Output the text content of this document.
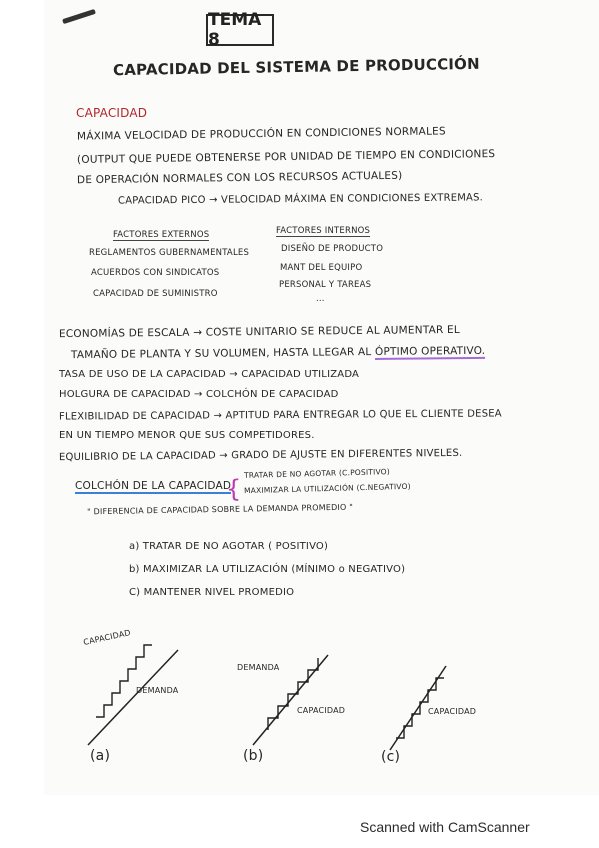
TEMA 8
CAPACIDAD DEL SISTEMA DE PRODUCCIÓN
CAPACIDAD
MÁXIMA VELOCIDAD DE PRODUCCIÓN EN CONDICIONES NORMALES
(OUTPUT QUE PUEDE OBTENERSE POR UNIDAD DE TIEMPO EN CONDICIONES
DE OPERACIÓN NORMALES CON LOS RECURSOS ACTUALES)
CAPACIDAD PICO → VELOCIDAD MÁXIMA EN CONDICIONES EXTREMAS.
FACTORES EXTERNOS
REGLAMENTOS GUBERNAMENTALES
ACUERDOS CON SINDICATOS
CAPACIDAD DE SUMINISTRO
FACTORES INTERNOS
DISEÑO DE PRODUCTO
MANT DEL EQUIPO
PERSONAL Y TAREAS
...
ECONOMÍAS DE ESCALA → COSTE UNITARIO SE REDUCE AL AUMENTAR EL
TAMAÑO DE PLANTA Y SU VOLUMEN, HASTA LLEGAR AL ÓPTIMO OPERATIVO.
TASA DE USO DE LA CAPACIDAD → CAPACIDAD UTILIZADA
HOLGURA DE CAPACIDAD → COLCHÓN DE CAPACIDAD
FLEXIBILIDAD DE CAPACIDAD → APTITUD PARA ENTREGAR LO QUE EL CLIENTE DESEA
EN UN TIEMPO MENOR QUE SUS COMPETIDORES.
EQUILIBRIO DE LA CAPACIDAD → GRADO DE AJUSTE EN DIFERENTES NIVELES.
COLCHÓN DE LA CAPACIDAD
{
TRATAR DE NO AGOTAR (C.POSITIVO)
MAXIMIZAR LA UTILIZACIÓN (C.NEGATIVO)
" DIFERENCIA DE CAPACIDAD SOBRE LA DEMANDA PROMEDIO "
a) TRATAR DE NO AGOTAR ( POSITIVO)
b) MAXIMIZAR LA UTILIZACIÓN (MÍNIMO o NEGATIVO)
C) MANTENER NIVEL PROMEDIO
CAPACIDAD
DEMANDA
(a)
DEMANDA
CAPACIDAD
(b)
CAPACIDAD
(c)
Scanned with CamScanner
